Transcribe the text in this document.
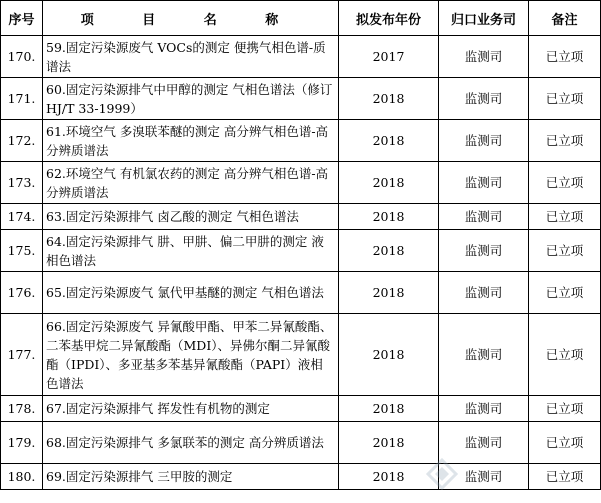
序号	项 目 名 称	拟发布年份	归口业务司	备注
170.	59.固定污染源废气 VOCs的测定 便携气相色谱-质谱法	2017	监测司	已立项
171.	60.固定污染源排气中甲醇的测定 气相色谱法（修订HJ/T 33-1999）	2018	监测司	已立项
172.	61.环境空气 多溴联苯醚的测定 高分辨气相色谱-高分辨质谱法	2018	监测司	已立项
173.	62.环境空气 有机氯农药的测定 高分辨气相色谱-高分辨质谱法	2018	监测司	已立项
174.	63.固定污染源排气 卤乙酸的测定 气相色谱法	2018	监测司	已立项
175.	64.固定污染源排气 肼、甲肼、偏二甲肼的测定 液相色谱法	2018	监测司	已立项
176.	65.固定污染源废气 氯代甲基醚的测定 气相色谱法	2018	监测司	已立项
177.	66.固定污染源废气 异氰酸甲酯、甲苯二异氰酸酯、二苯基甲烷二异氰酸酯（MDI）、异佛尔酮二异氰酸酯（IPDI）、多亚基多苯基异氰酸酯（PAPI）液相色谱法	2018	监测司	已立项
178.	67.固定污染源排气 挥发性有机物的测定	2018	监测司	已立项
179.	68.固定污染源排气 多氯联苯的测定 高分辨质谱法	2018	监测司	已立项
180.	69.固定污染源排气 三甲胺的测定	2018	监测司	已立项
